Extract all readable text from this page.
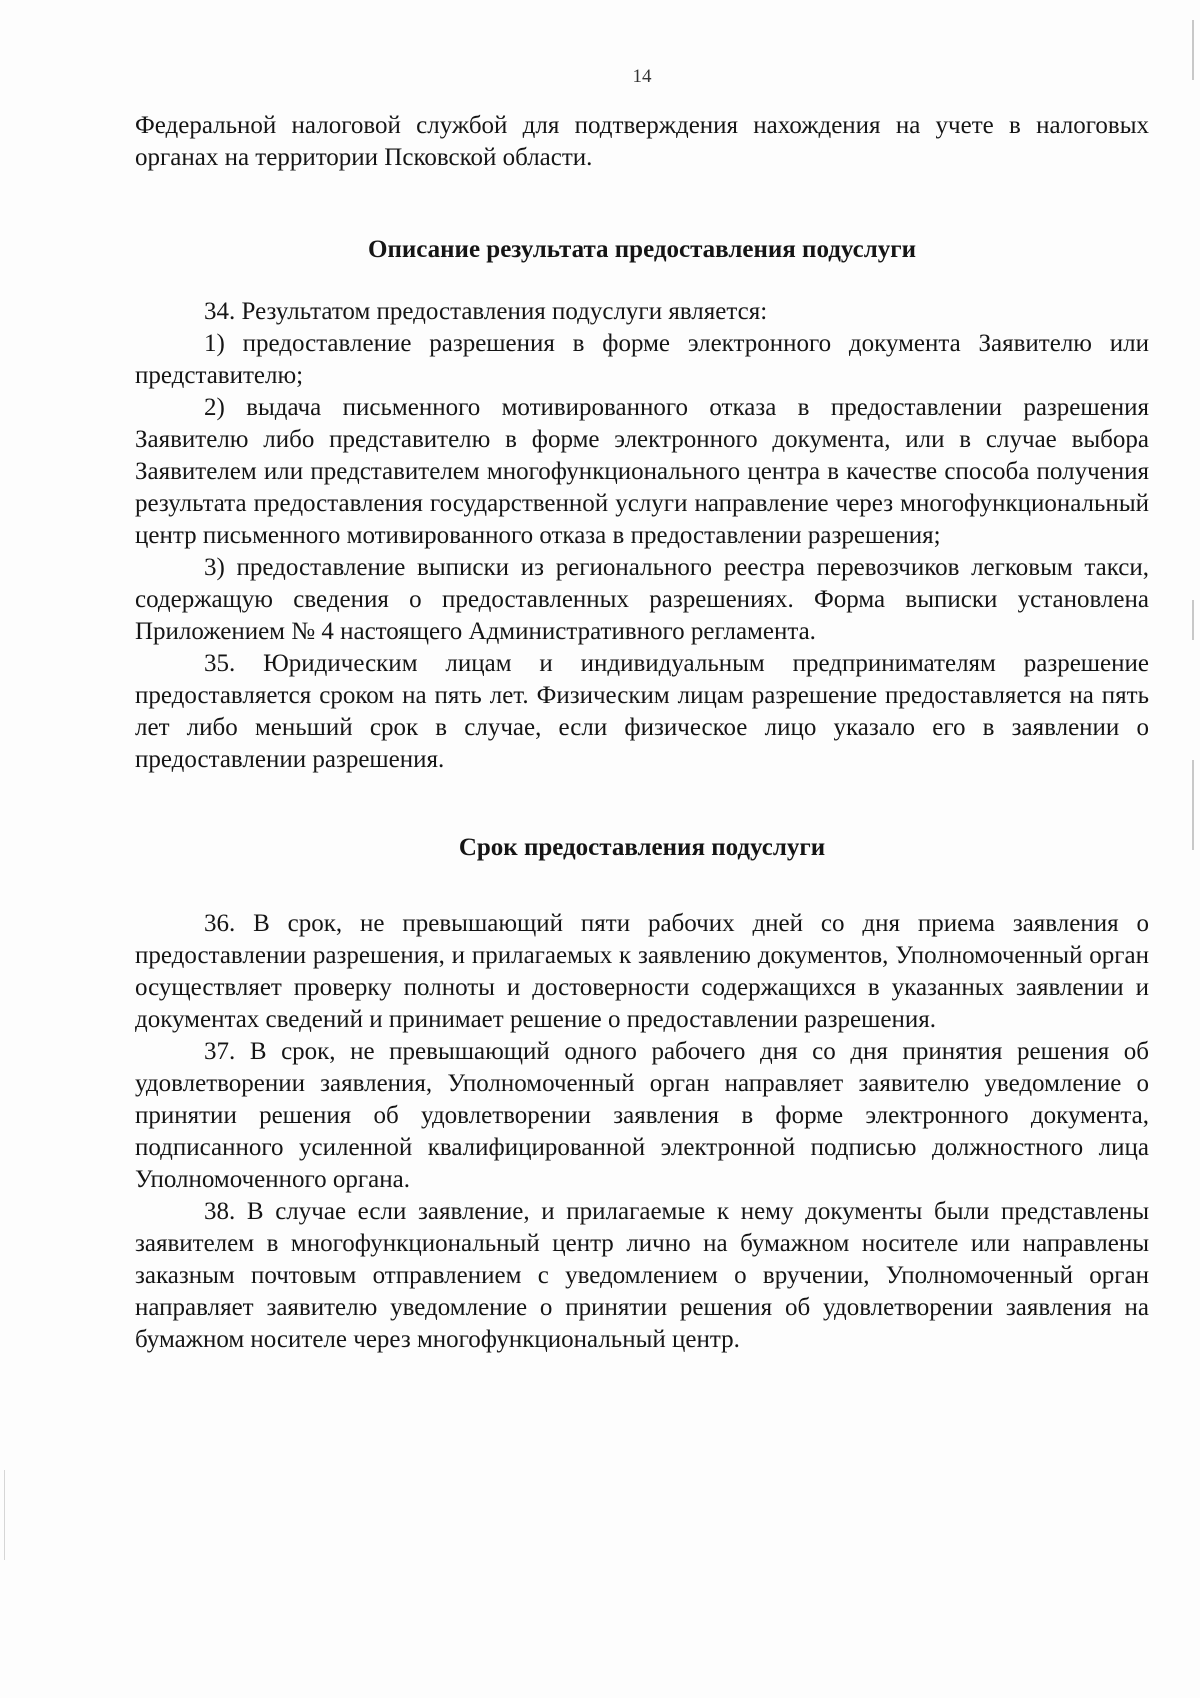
14

Федеральной налоговой службой для подтверждения нахождения на учете в налоговых органах на территории Псковской области.

Описание результата предоставления подуслуги

34. Результатом предоставления подуслуги является:

1) предоставление разрешения в форме электронного документа Заявителю или представителю;

2) выдача письменного мотивированного отказа в предоставлении разрешения Заявителю либо представителю в форме электронного документа, или в случае выбора Заявителем или представителем многофункционального центра в качестве способа получения результата предоставления государственной услуги направление через многофункциональный центр письменного мотивированного отказа в предоставлении разрешения;

3) предоставление выписки из регионального реестра перевозчиков легковым такси, содержащую сведения о предоставленных разрешениях. Форма выписки установлена Приложением № 4 настоящего Административного регламента.

35. Юридическим лицам и индивидуальным предпринимателям разрешение предоставляется сроком на пять лет. Физическим лицам разрешение предоставляется на пять лет либо меньший срок в случае, если физическое лицо указало его в заявлении о предоставлении разрешения.

Срок предоставления подуслуги

36. В срок, не превышающий пяти рабочих дней со дня приема заявления о предоставлении разрешения, и прилагаемых к заявлению документов, Уполномоченный орган осуществляет проверку полноты и достоверности содержащихся в указанных заявлении и документах сведений и принимает решение о предоставлении разрешения.

37. В срок, не превышающий одного рабочего дня со дня принятия решения об удовлетворении заявления, Уполномоченный орган направляет заявителю уведомление о принятии решения об удовлетворении заявления в форме электронного документа, подписанного усиленной квалифицированной электронной подписью должностного лица Уполномоченного органа.

38. В случае если заявление, и прилагаемые к нему документы были представлены заявителем в многофункциональный центр лично на бумажном носителе или направлены заказным почтовым отправлением с уведомлением о вручении, Уполномоченный орган направляет заявителю уведомление о принятии решения об удовлетворении заявления на бумажном носителе через многофункциональный центр.
